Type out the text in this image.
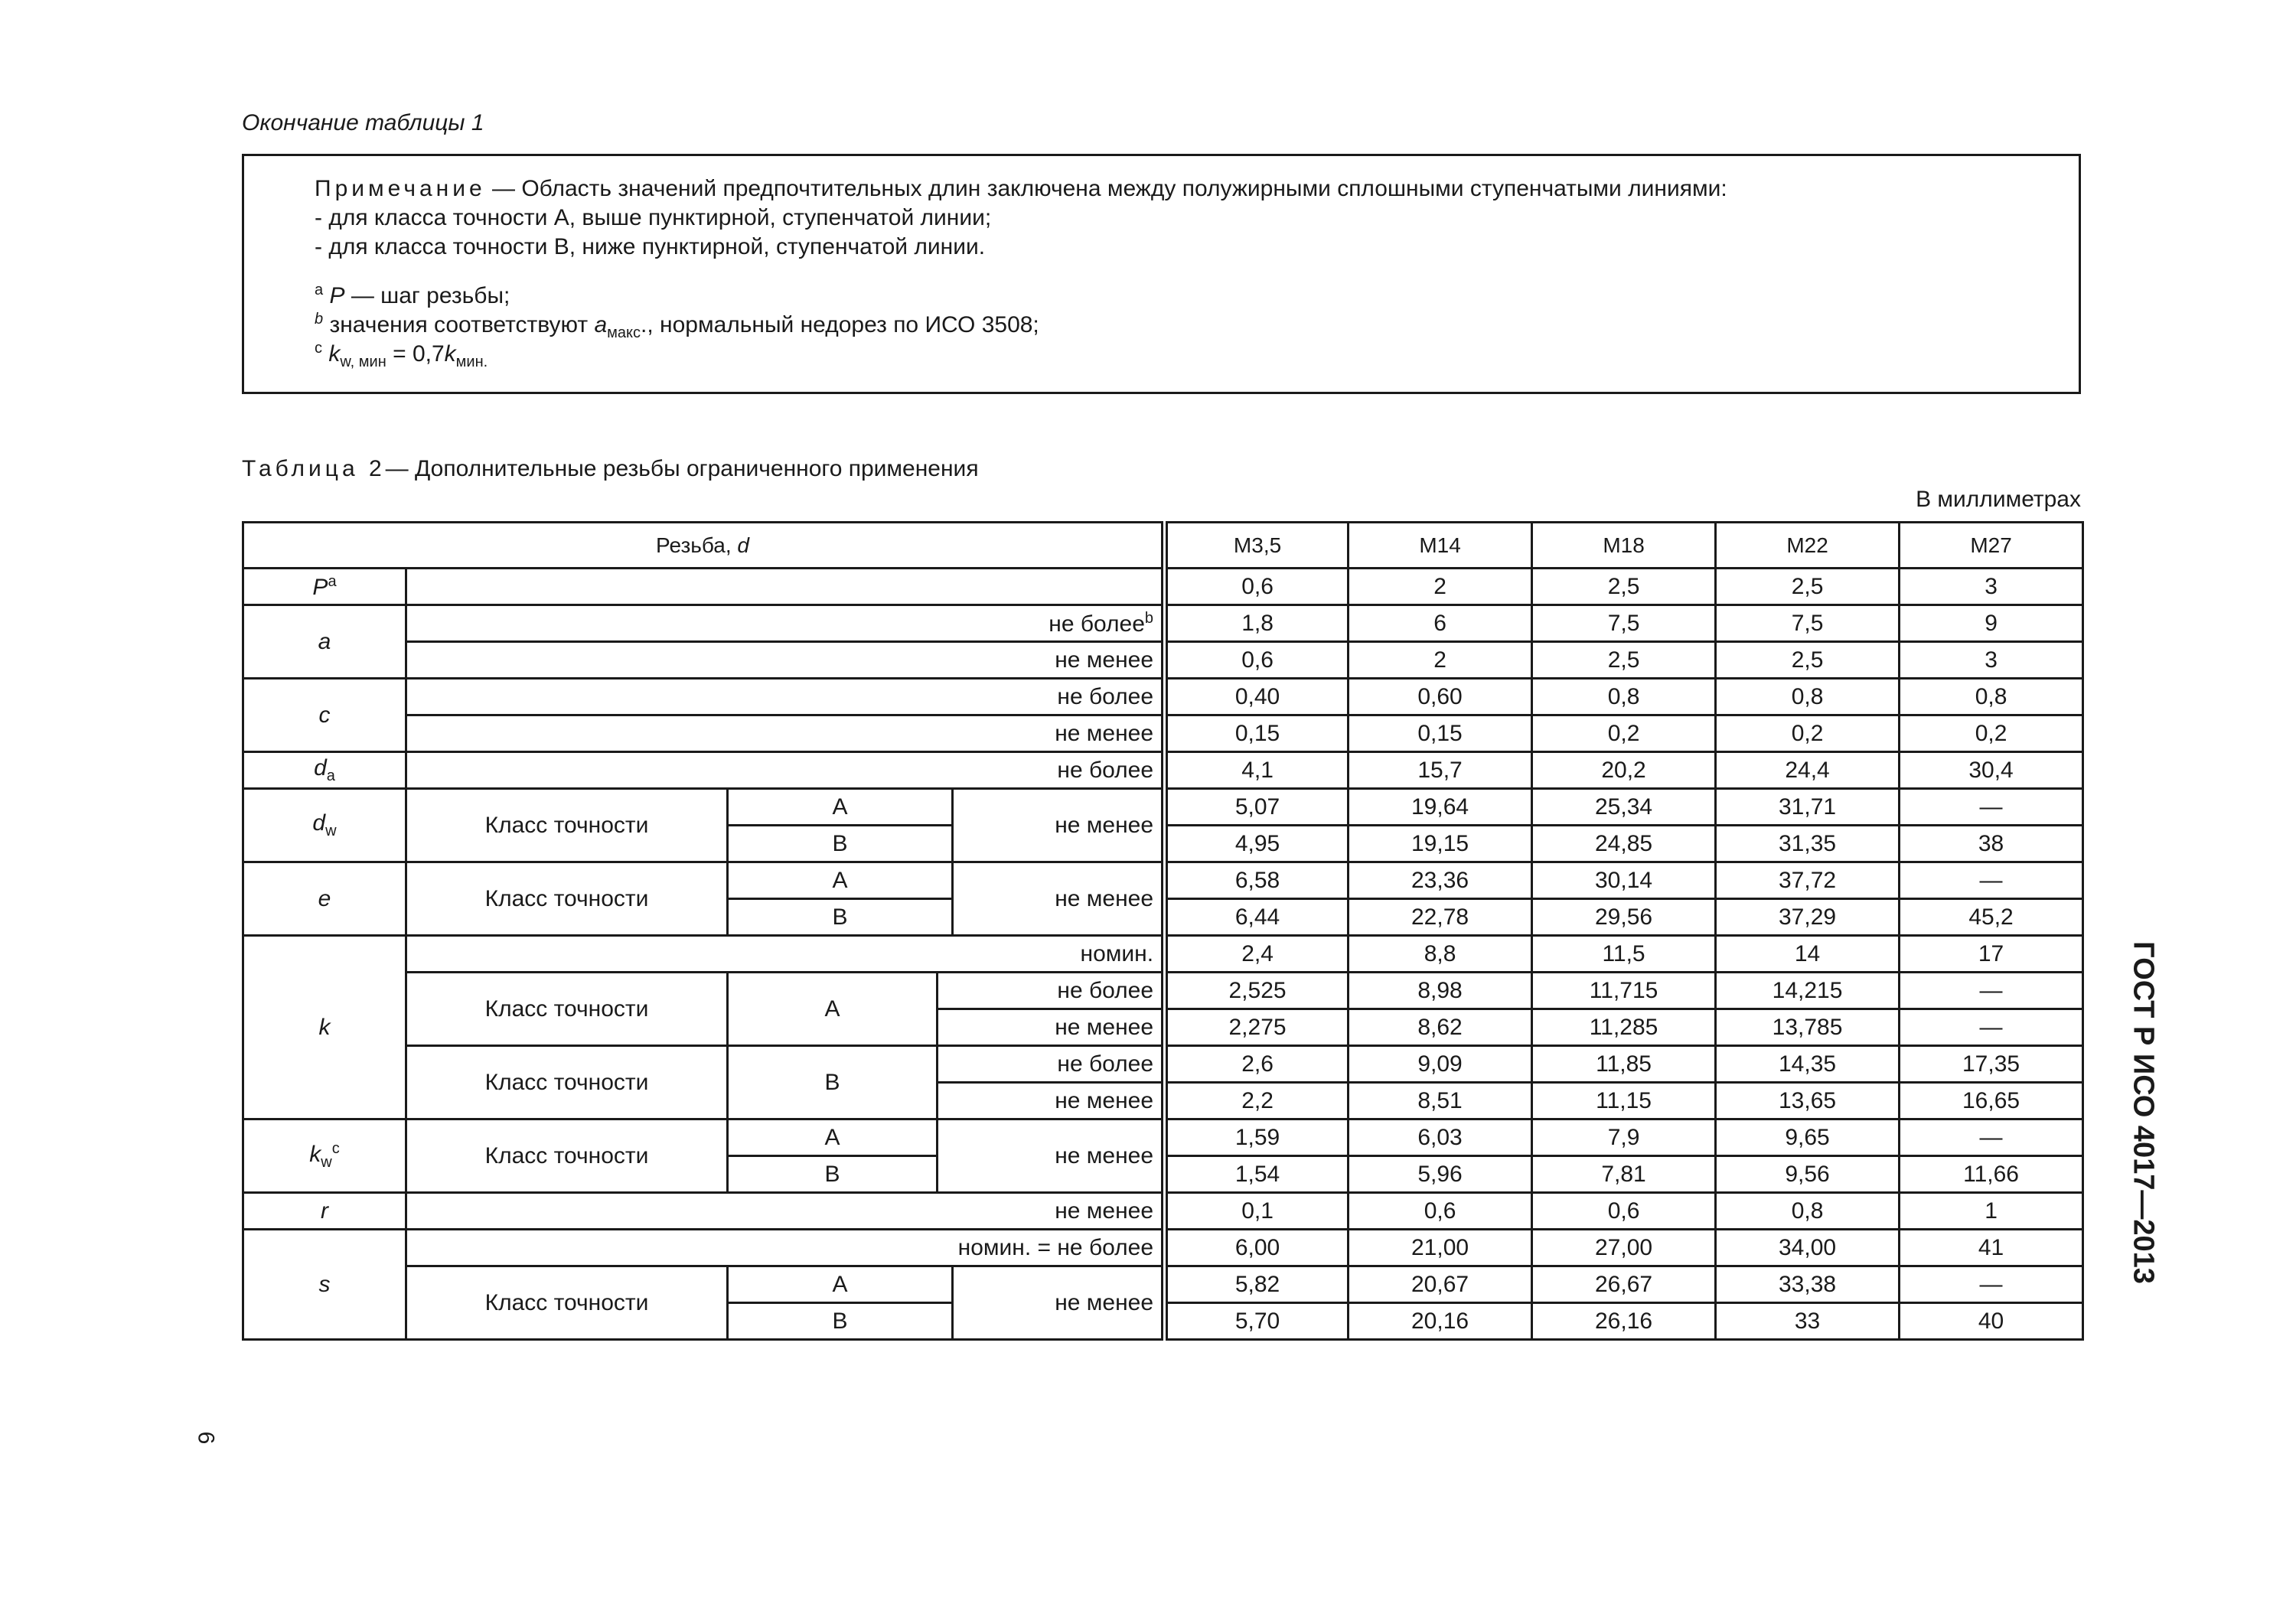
Окончание таблицы 1
Примечание — Область значений предпочтительных длин заключена между полужирными сплошными ступенчатыми линиями:
- для класса точности А, выше пунктирной, ступенчатой линии;
- для класса точности В, ниже пунктирной, ступенчатой линии.
$^a$ P — шаг резьбы;
$^b$ значения соответствуют $a_{макс}$., нормальный недорез по ИСО 3508;
$^c$ $k_{w, мин} = 0,7k_{мин.}$
Таблица 2— Дополнительные резьбы ограниченного применения
В миллиметрах
Резьба, d					M3,5	M14	M18	M22	M27
$P^a$					0,6	2	2,5	2,5	3
a	не более$^b$				1,8	6	7,5	7,5	9
	не менее				0,6	2	2,5	2,5	3
c	не более				0,40	0,60	0,8	0,8	0,8
	не менее				0,15	0,15	0,2	0,2	0,2
$d_a$	не более				4,1	15,7	20,2	24,4	30,4
$d_w$	Класс точности	А		не менее	5,07	19,64	25,34	31,71	—
		В			4,95	19,15	24,85	31,35	38
e	Класс точности	А		не менее	6,58	23,36	30,14	37,72	—
		В			6,44	22,78	29,56	37,29	45,2
k	номин.				2,4	8,8	11,5	14	17
	Класс точности	А	не более		2,525	8,98	11,715	14,215	—
			не менее		2,275	8,62	11,285	13,785	—
	Класс точности	В	не более		2,6	9,09	11,85	14,35	17,35
			не менее		2,2	8,51	11,15	13,65	16,65
$k_w^c$	Класс точности	А	не менее		1,59	6,03	7,9	9,65	—
		В			1,54	5,96	7,81	9,56	11,66
r	не менее				0,1	0,6	0,6	0,8	1
s	номин. = не более				6,00	21,00	27,00	34,00	41
	Класс точности	А		не менее	5,82	20,67	26,67	33,38	—
		В			5,70	20,16	26,16	33	40
6
ГОСТ Р ИСО 4017—2013
